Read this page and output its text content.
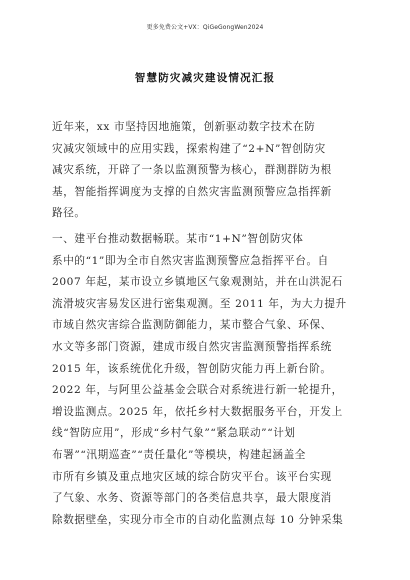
更多免费公文+VX：QiGeGongWen2024
智慧防灾减灾建设情况汇报
近年来，xx 市坚持因地施策，创新驱动数字技术在防
灾减灾领域中的应用实践，探索构建了“2+N”智创防灾
减灾系统，开辟了一条以监测预警为核心，群测群防为根
基，智能指挥调度为支撑的自然灾害监测预警应急指挥新
路径。
一、建平台推动数据畅联。某市“1+N”智创防灾体
系中的“1”即为全市自然灾害监测预警应急指挥平台。自
2007 年起，某市设立乡镇地区气象观测站，并在山洪泥石
流滑坡灾害易发区进行密集观测。至 2011 年，为大力提升
市域自然灾害综合监测防御能力，某市整合气象、环保、
水文等多部门资源，建成市级自然灾害监测预警指挥系统
2015 年，该系统优化升级，智创防灾能力再上新台阶。
2022 年，与阿里公益基金会联合对系统进行新一轮提升，
增设监测点。2025 年，依托乡村大数据服务平台，开发上
线“智防应用”，形成“乡村气象”“紧急联动”“计划
布署”“汛期巡查”“责任量化”等模块，构建起涵盖全
市所有乡镇及重点地灾区域的综合防灾平台。该平台实现
了气象、水务、资源等部门的各类信息共享，最大限度消
除数据壁垒，实现分市全市的自动化监测点每 10 分钟采集
